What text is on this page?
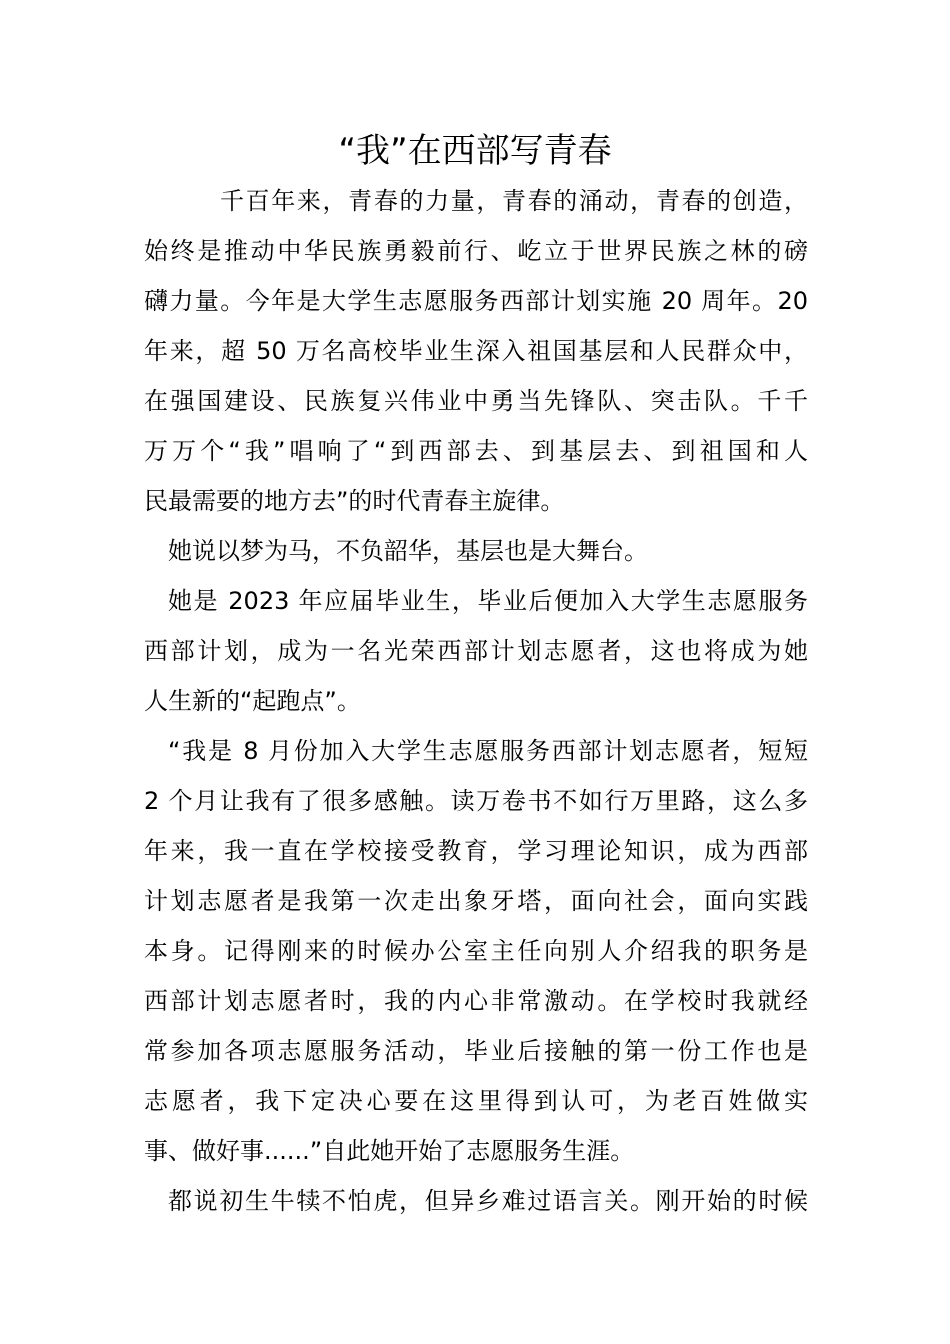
“我”在西部写青春

千百年来，青春的力量，青春的涌动，青春的创造，

始终是推动中华民族勇毅前行、屹立于世界民族之林的磅

礴力量。今年是大学生志愿服务西部计划实施 20 周年。20

年来，超 50 万名高校毕业生深入祖国基层和人民群众中，

在强国建设、民族复兴伟业中勇当先锋队、突击队。千千

万万个“我”唱响了“到西部去、到基层去、到祖国和人

民最需要的地方去”的时代青春主旋律。

她说以梦为马，不负韶华，基层也是大舞台。

她是 2023 年应届毕业生，毕业后便加入大学生志愿服务

西部计划，成为一名光荣西部计划志愿者，这也将成为她

人生新的“起跑点”。

“我是 8 月份加入大学生志愿服务西部计划志愿者，短短

2 个月让我有了很多感触。读万卷书不如行万里路，这么多

年来，我一直在学校接受教育，学习理论知识，成为西部

计划志愿者是我第一次走出象牙塔，面向社会，面向实践

本身。记得刚来的时候办公室主任向别人介绍我的职务是

西部计划志愿者时，我的内心非常激动。在学校时我就经

常参加各项志愿服务活动，毕业后接触的第一份工作也是

志愿者，我下定决心要在这里得到认可，为老百姓做实

事、做好事......”自此她开始了志愿服务生涯。

都说初生牛犊不怕虎，但异乡难过语言关。刚开始的时候
